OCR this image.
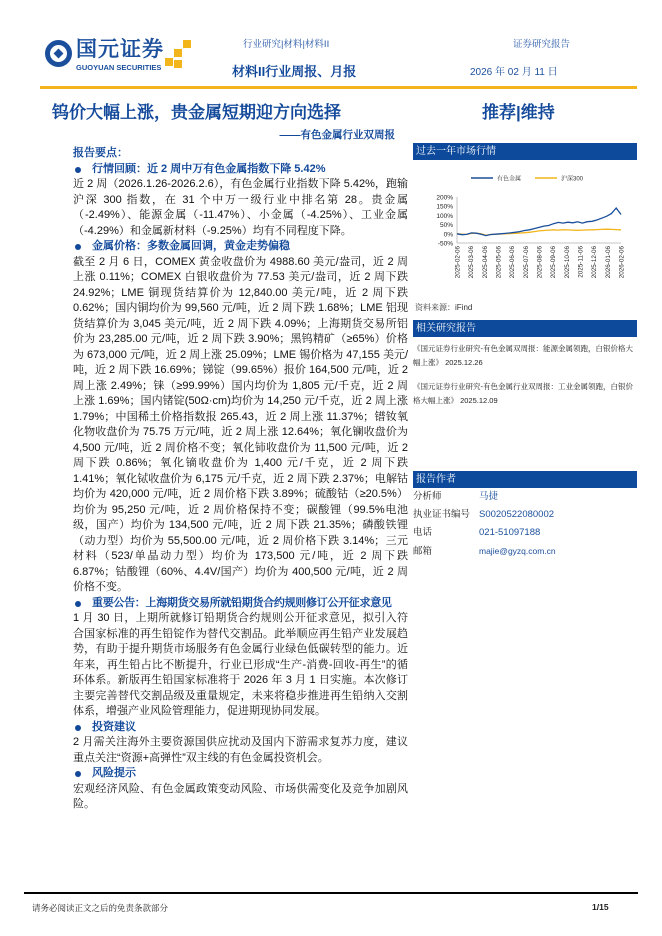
国元证券
GUOYUAN SECURITIES
行业研究|材料|材料II	证券研究报告
材料II行业周报、月报	2026 年 02 月 11 日
钨价大幅上涨，贵金属短期迎方向选择	推荐|维持
——有色金属行业双周报
报告要点：
行情回顾：近 2 周中万有色金属指数下降 5.42%

近 2 周（2026.1.26-2026.2.6），有色金属行业指数下降 5.42%，跑输沪深 300 指数，在 31 个中万一级行业中排名第 28。贵金属（-2.49%）、能源金属（-11.47%）、小金属（-4.25%）、工业金属（-4.29%）和金属新材料（-9.25%）均有不同程度下降。

金属价格：多数金属回调，黄金走势偏稳

截至 2 月 6 日，COMEX 黄金收盘价为 4988.60 美元/盎司，近 2 周上涨 0.11%；COMEX 白银收盘价为 77.53 美元/盎司，近 2 周下跌 24.92%；LME 铜现货结算价为 12,840.00 美元/吨，近 2 周下跌 0.62%；国内铜均价为 99,560 元/吨，近 2 周下跌 1.68%；LME 铝现货结算价为 3,045 美元/吨，近 2 周下跌 4.09%；上海期货交易所铝价为 23,285.00 元/吨，近 2 周下跌 3.90%；黑钨精矿（≥65%）价格为 673,000 元/吨，近 2 周上涨 25.09%；LME 锡价格为 47,155 美元/吨，近 2 周下跌 16.69%；锑锭（99.65%）报价 164,500 元/吨，近 2 周上涨 2.49%；铼（≥99.99%）国内均价为 1,805 元/千克，近 2 周上涨 1.69%；国内锗锭(50Ω·cm)均价为 14,250 元/千克，近 2 周上涨 1.79%；中国稀土价格指数报 265.43，近 2 周上涨 11.37%；镨钕氧化物收盘价为 75.75 万元/吨，近 2 周上涨 12.64%；氧化镧收盘价为 4,500 元/吨，近 2 周价格不变；氧化铈收盘价为 11,500 元/吨，近 2 周下跌 0.86%；氧化镝收盘价为 1,400 元/千克，近 2 周下跌 1.41%；氧化铽收盘价为 6,175 元/千克，近 2 周下跌 2.37%；电解钴均价为 420,000 元/吨，近 2 周价格下跌 3.89%；硫酸钴（≥20.5%）均价为 95,250 元/吨，近 2 周价格保持不变；碳酸锂（99.5%电池级，国产）均价为 134,500 元/吨，近 2 周下跌 21.35%；磷酸铁锂（动力型）均价为 55,500.00 元/吨，近 2 周价格下跌 3.14%；三元材料（523/单晶动力型）均价为 173,500 元/吨，近 2 周下跌 6.87%；钴酸锂（60%、4.4V/国产）均价为 400,500 元/吨，近 2 周价格不变。

重要公告：上海期货交易所就铅期货合约规则修订公开征求意见

1 月 30 日，上期所就修订铅期货合约规则公开征求意见，拟引入符合国家标准的再生铅锭作为替代交割品。此举顺应再生铅产业发展趋势，有助于提升期货市场服务有色金属行业绿色低碳转型的能力。近年来，再生铅占比不断提升，行业已形成“生产-消费-回收-再生”的循环体系。新版再生铅国家标准将于 2026 年 3 月 1 日实施。本次修订主要完善替代交割品级及重量规定，未来将稳步推进再生铅纳入交割体系，增强产业风险管理能力，促进期现协同发展。

投资建议

2 月需关注海外主要资源国供应扰动及国内下游需求复苏力度，建议重点关注“资源+高弹性”双主线的有色金属投资机会。

风险提示

宏观经济风险、有色金属政策变动风险、市场供需变化及竞争加剧风险。

过去一年市场行情
有色金属	沪深300
200%
150%
100%
50%
0%
-50%
2025-02-06 2025-03-06 2025-04-06 2025-05-06 2025-06-06 2025-07-06 2025-08-06 2025-09-06 2025-10-06 2025-11-06 2025-12-06 2026-01-06 2026-02-06
资料来源：iFind
相关研究报告
《国元证券行业研究-有色金属双周报：能源金属领跑，白银价格大幅上涨》 2025.12.26
《国元证券行业研究-有色金属行业双周报：工业金属领跑，白银价格大幅上涨》 2025.12.09
报告作者
分析师	马捷
执业证书编号 S0020522080002
电话	021-51097188
邮箱	majie@gyzq.com.cn
请务必阅读正文之后的免责条款部分	1/15
